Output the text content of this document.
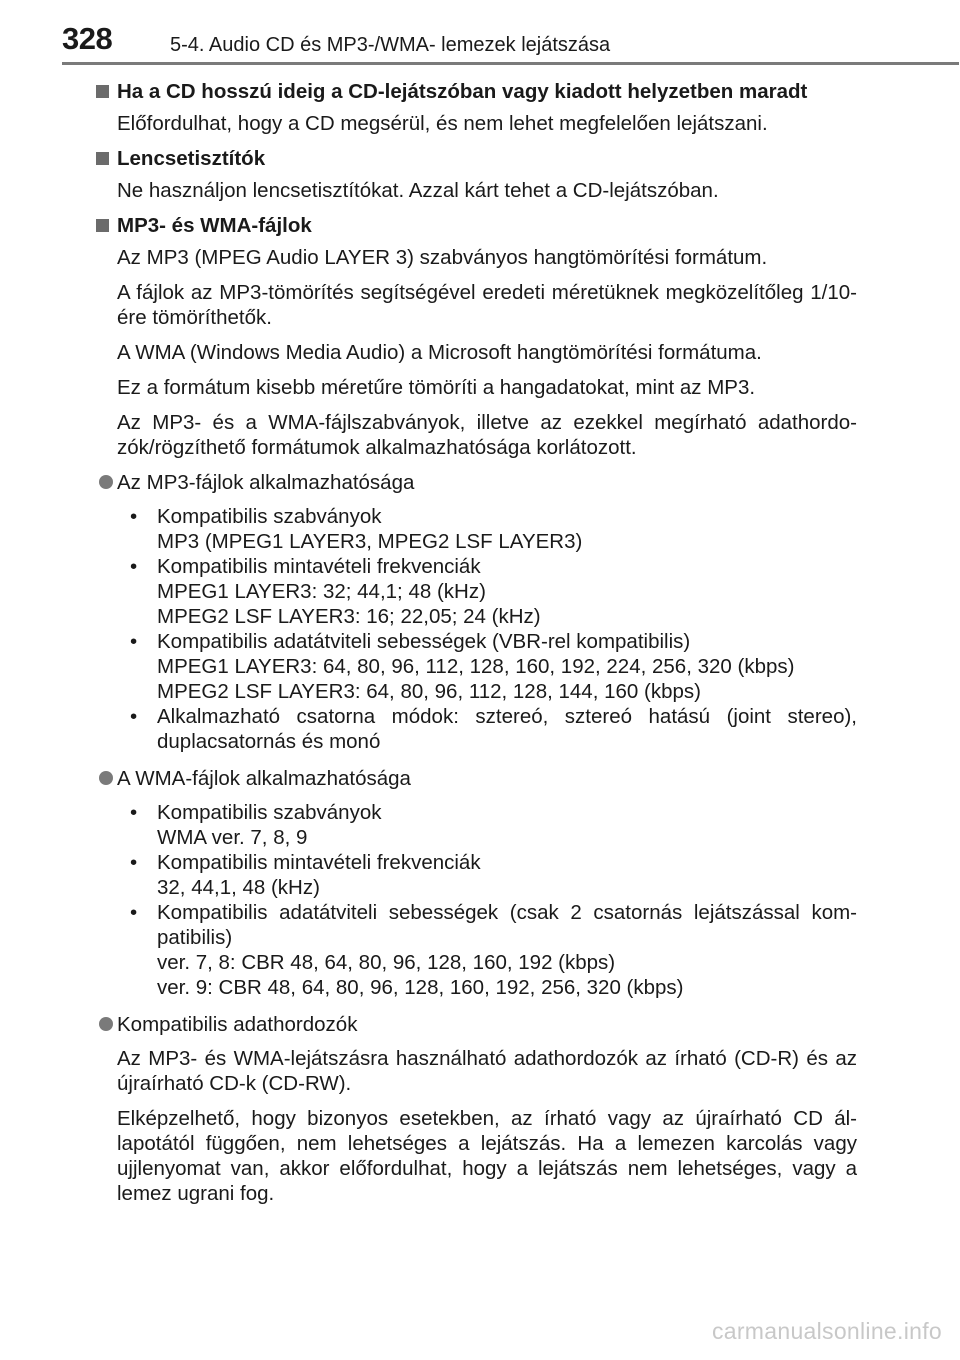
328	5-4. Audio CD és MP3-/WMA- lemezek lejátszása
Ha a CD hosszú ideig a CD-lejátszóban vagy kiadott helyzetben maradt
Előfordulhat, hogy a CD megsérül, és nem lehet megfelelően lejátszani.
Lencsetisztítók
Ne használjon lencsetisztítókat. Azzal kárt tehet a CD-lejátszóban.
MP3- és WMA-fájlok
Az MP3 (MPEG Audio LAYER 3) szabványos hangtömörítési formátum.
A fájlok az MP3-tömörítés segítségével eredeti méretüknek megközelítőleg 1/10-ére tömöríthetők.
A WMA (Windows Media Audio) a Microsoft hangtömörítési formátuma.
Ez a formátum kisebb méretűre tömöríti a hangadatokat, mint az MP3.
Az MP3- és a WMA-fájlszabványok, illetve az ezekkel megírható adathordozók/rögzíthető formátumok alkalmazhatósága korlátozott.
Az MP3-fájlok alkalmazhatósága
• Kompatibilis szabványok
MP3 (MPEG1 LAYER3, MPEG2 LSF LAYER3)
• Kompatibilis mintavételi frekvenciák
MPEG1 LAYER3: 32; 44,1; 48 (kHz)
MPEG2 LSF LAYER3: 16; 22,05; 24 (kHz)
• Kompatibilis adatátviteli sebességek (VBR-rel kompatibilis)
MPEG1 LAYER3: 64, 80, 96, 112, 128, 160, 192, 224, 256, 320 (kbps)
MPEG2 LSF LAYER3: 64, 80, 96, 112, 128, 144, 160 (kbps)
• Alkalmazható csatorna módok: sztereó, sztereó hatású (joint stereo), duplacsatornás és monó
A WMA-fájlok alkalmazhatósága
• Kompatibilis szabványok
WMA ver. 7, 8, 9
• Kompatibilis mintavételi frekvenciák
32, 44,1, 48 (kHz)
• Kompatibilis adatátviteli sebességek (csak 2 csatornás lejátszással kompatibilis)
ver. 7, 8: CBR 48, 64, 80, 96, 128, 160, 192 (kbps)
ver. 9: CBR 48, 64, 80, 96, 128, 160, 192, 256, 320 (kbps)
Kompatibilis adathordozók
Az MP3- és WMA-lejátszásra használható adathordozók az írható (CD-R) és az újraírható CD-k (CD-RW).
Elképzelhető, hogy bizonyos esetekben, az írható vagy az újraírható CD állapotától függően, nem lehetséges a lejátszás. Ha a lemezen karcolás vagy ujjlenyomat van, akkor előfordulhat, hogy a lejátszás nem lehetséges, vagy a lemez ugrani fog.
carmanualsonline.info
